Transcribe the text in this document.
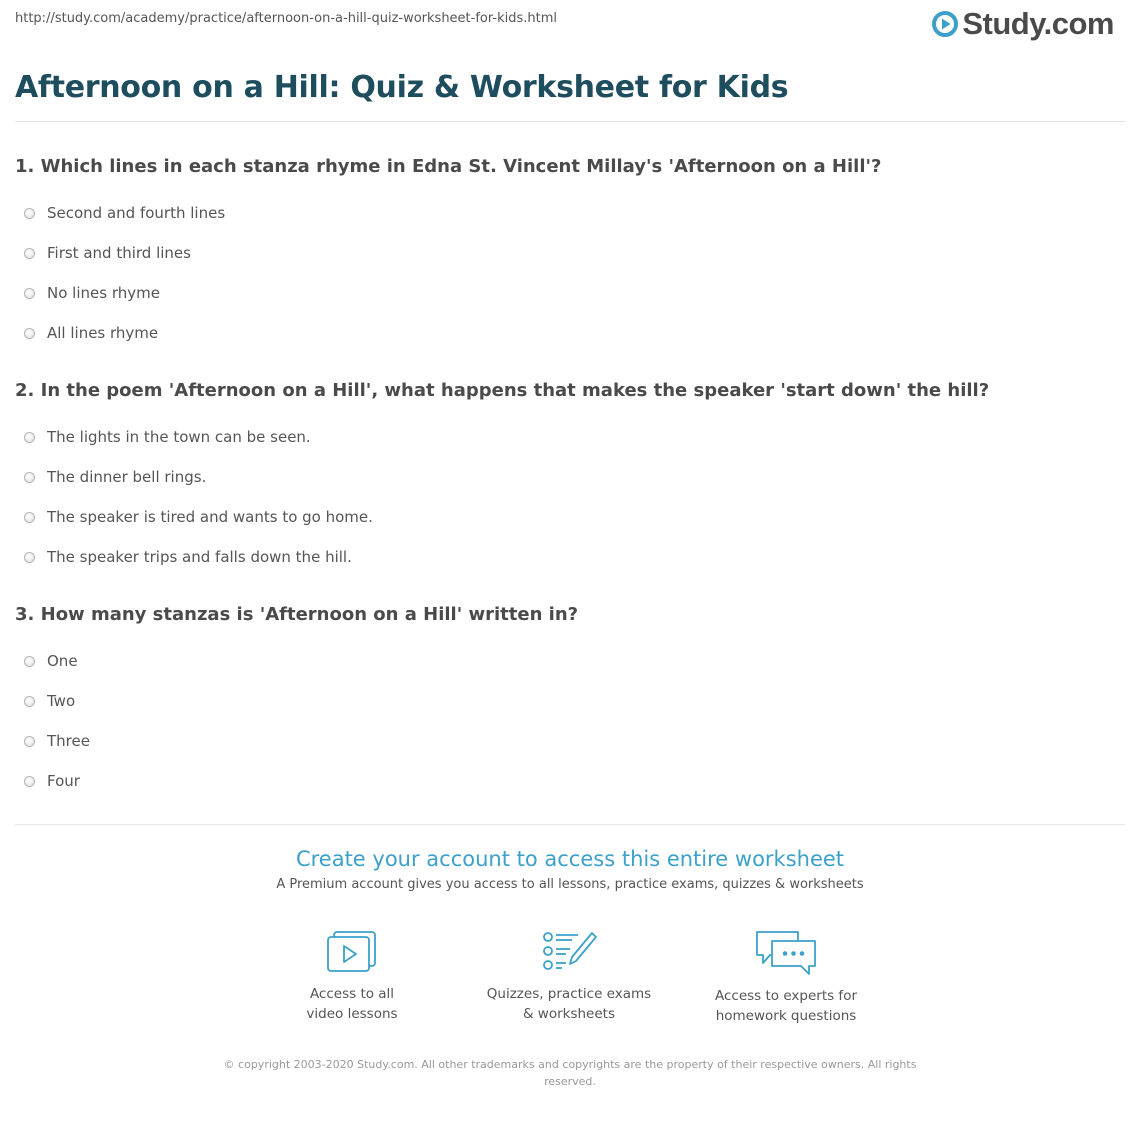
http://study.com/academy/practice/afternoon-on-a-hill-quiz-worksheet-for-kids.html	Study.com
Afternoon on a Hill: Quiz & Worksheet for Kids

1. Which lines in each stanza rhyme in Edna St. Vincent Millay's 'Afternoon on a Hill'?

Second and fourth lines
First and third lines
No lines rhyme
All lines rhyme

2. In the poem 'Afternoon on a Hill', what happens that makes the speaker 'start down' the hill?

The lights in the town can be seen.
The dinner bell rings.
The speaker is tired and wants to go home.
The speaker trips and falls down the hill.

3. How many stanzas is 'Afternoon on a Hill' written in?

One
Two
Three
Four
Create your account to access this entire worksheet
A Premium account gives you access to all lessons, practice exams, quizzes & worksheets
Access to all
video lessons
Quizzes, practice exams
& worksheets
Access to experts for
homework questions
© copyright 2003-2020 Study.com. All other trademarks and copyrights are the property of their respective owners. All rights reserved.
